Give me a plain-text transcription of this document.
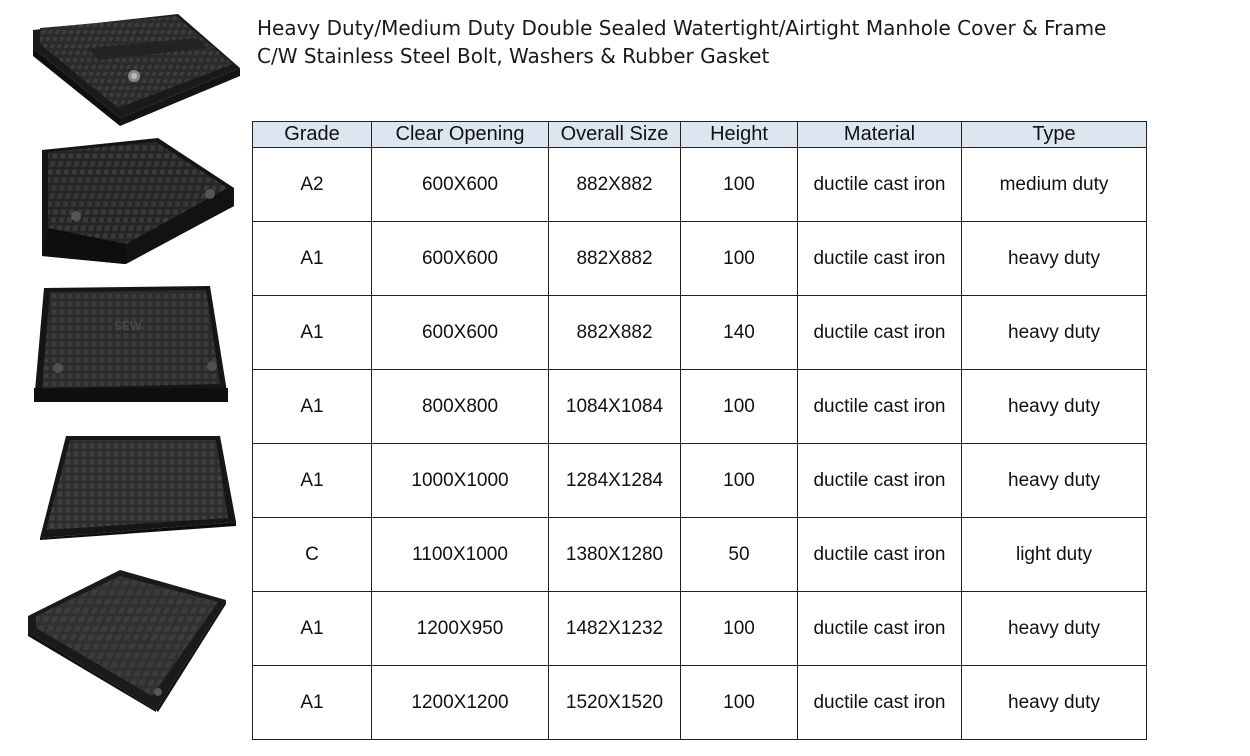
Heavy Duty/Medium Duty Double Sealed Watertight/Airtight Manhole Cover & Frame
C/W Stainless Steel Bolt, Washers & Rubber Gasket
SEW
Grade	Clear Opening	Overall Size	Height	Material	Type
A2	600X600	882X882	100	ductile cast iron	medium duty
A1	600X600	882X882	100	ductile cast iron	heavy duty
A1	600X600	882X882	140	ductile cast iron	heavy duty
A1	800X800	1084X1084	100	ductile cast iron	heavy duty
A1	1000X1000	1284X1284	100	ductile cast iron	heavy duty
C	1100X1000	1380X1280	50	ductile cast iron	light duty
A1	1200X950	1482X1232	100	ductile cast iron	heavy duty
A1	1200X1200	1520X1520	100	ductile cast iron	heavy duty
